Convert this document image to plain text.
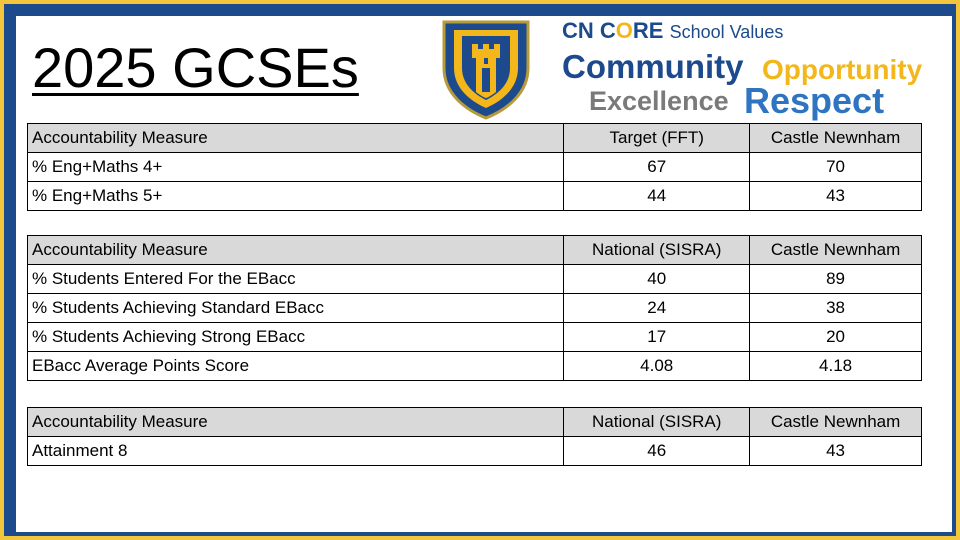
2025 GCSEs
CN CORE School Values
Community Opportunity
Excellence Respect
Accountability Measure	Target (FFT)	Castle Newnham
% Eng+Maths 4+	67	70
% Eng+Maths 5+	44	43
Accountability Measure	National (SISRA)	Castle Newnham
% Students Entered For the EBacc	40	89
% Students Achieving Standard EBacc	24	38
% Students Achieving Strong EBacc	17	20
EBacc Average Points Score	4.08	4.18
Accountability Measure	National (SISRA)	Castle Newnham
Attainment 8	46	43
